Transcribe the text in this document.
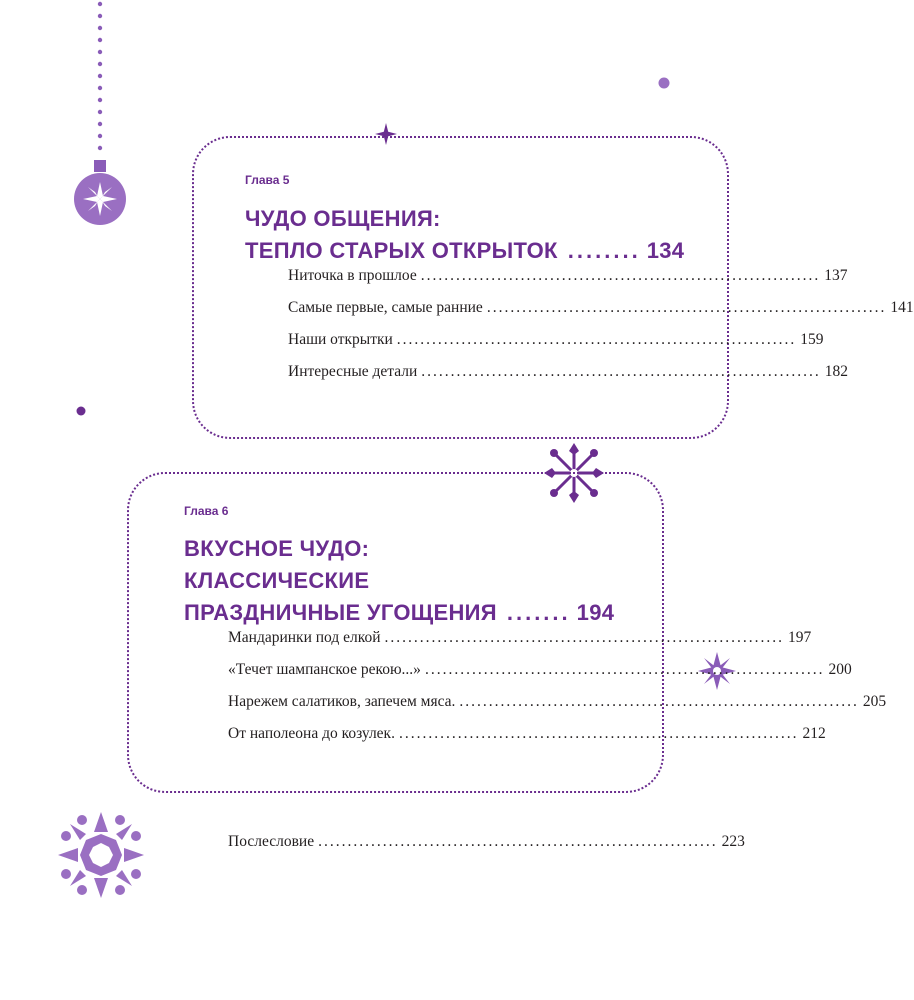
Глава 5
ЧУДО ОБЩЕНИЯ:
ТЕПЛО СТАРЫХ ОТКРЫТОК ........ 134
Ниточка в прошлое .................................................................... 137
Самые первые, самые ранние .................................................................... 141
Наши открытки .................................................................... 159
Интересные детали .................................................................... 182
Глава 6
ВКУСНОЕ ЧУДО:
КЛАССИЧЕСКИЕ
ПРАЗДНИЧНЫЕ УГОЩЕНИЯ ....... 194
Мандаринки под елкой .................................................................... 197
«Течет шампанское рекою...» .................................................................... 200
Нарежем салатиков, запечем мяса. .................................................................... 205
От наполеона до козулек. .................................................................... 212
Послесловие .................................................................... 223
